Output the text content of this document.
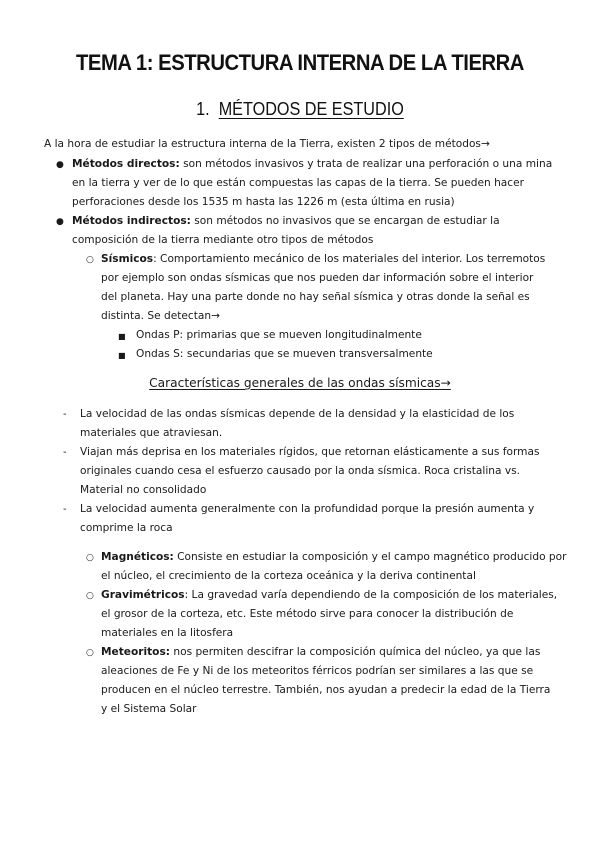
TEMA 1: ESTRUCTURA INTERNA DE LA TIERRA
1. MÉTODOS DE ESTUDIO
A la hora de estudiar la estructura interna de la Tierra, existen 2 tipos de métodos→
● Métodos directos: son métodos invasivos y trata de realizar una perforación o una mina
en la tierra y ver de lo que están compuestas las capas de la tierra. Se pueden hacer
perforaciones desde los 1535 m hasta las 1226 m (esta última en rusia)
● Métodos indirectos: son métodos no invasivos que se encargan de estudiar la
composición de la tierra mediante otro tipos de métodos
○ Sísmicos: Comportamiento mecánico de los materiales del interior. Los terremotos
por ejemplo son ondas sísmicas que nos pueden dar información sobre el interior
del planeta. Hay una parte donde no hay señal sísmica y otras donde la señal es
distinta. Se detectan→
■ Ondas P: primarias que se mueven longitudinalmente
■ Ondas S: secundarias que se mueven transversalmente
Características generales de las ondas sísmicas→
- La velocidad de las ondas sísmicas depende de la densidad y la elasticidad de los
materiales que atraviesan.
- Viajan más deprisa en los materiales rígidos, que retornan elásticamente a sus formas
originales cuando cesa el esfuerzo causado por la onda sísmica. Roca cristalina vs.
Material no consolidado
- La velocidad aumenta generalmente con la profundidad porque la presión aumenta y
comprime la roca
○ Magnéticos: Consiste en estudiar la composición y el campo magnético producido por
el núcleo, el crecimiento de la corteza oceánica y la deriva continental
○ Gravimétricos: La gravedad varía dependiendo de la composición de los materiales,
el grosor de la corteza, etc. Este método sirve para conocer la distribución de
materiales en la litosfera
○ Meteoritos: nos permiten descifrar la composición química del núcleo, ya que las
aleaciones de Fe y Ni de los meteoritos férricos podrían ser similares a las que se
producen en el núcleo terrestre. También, nos ayudan a predecir la edad de la Tierra
y el Sistema Solar
